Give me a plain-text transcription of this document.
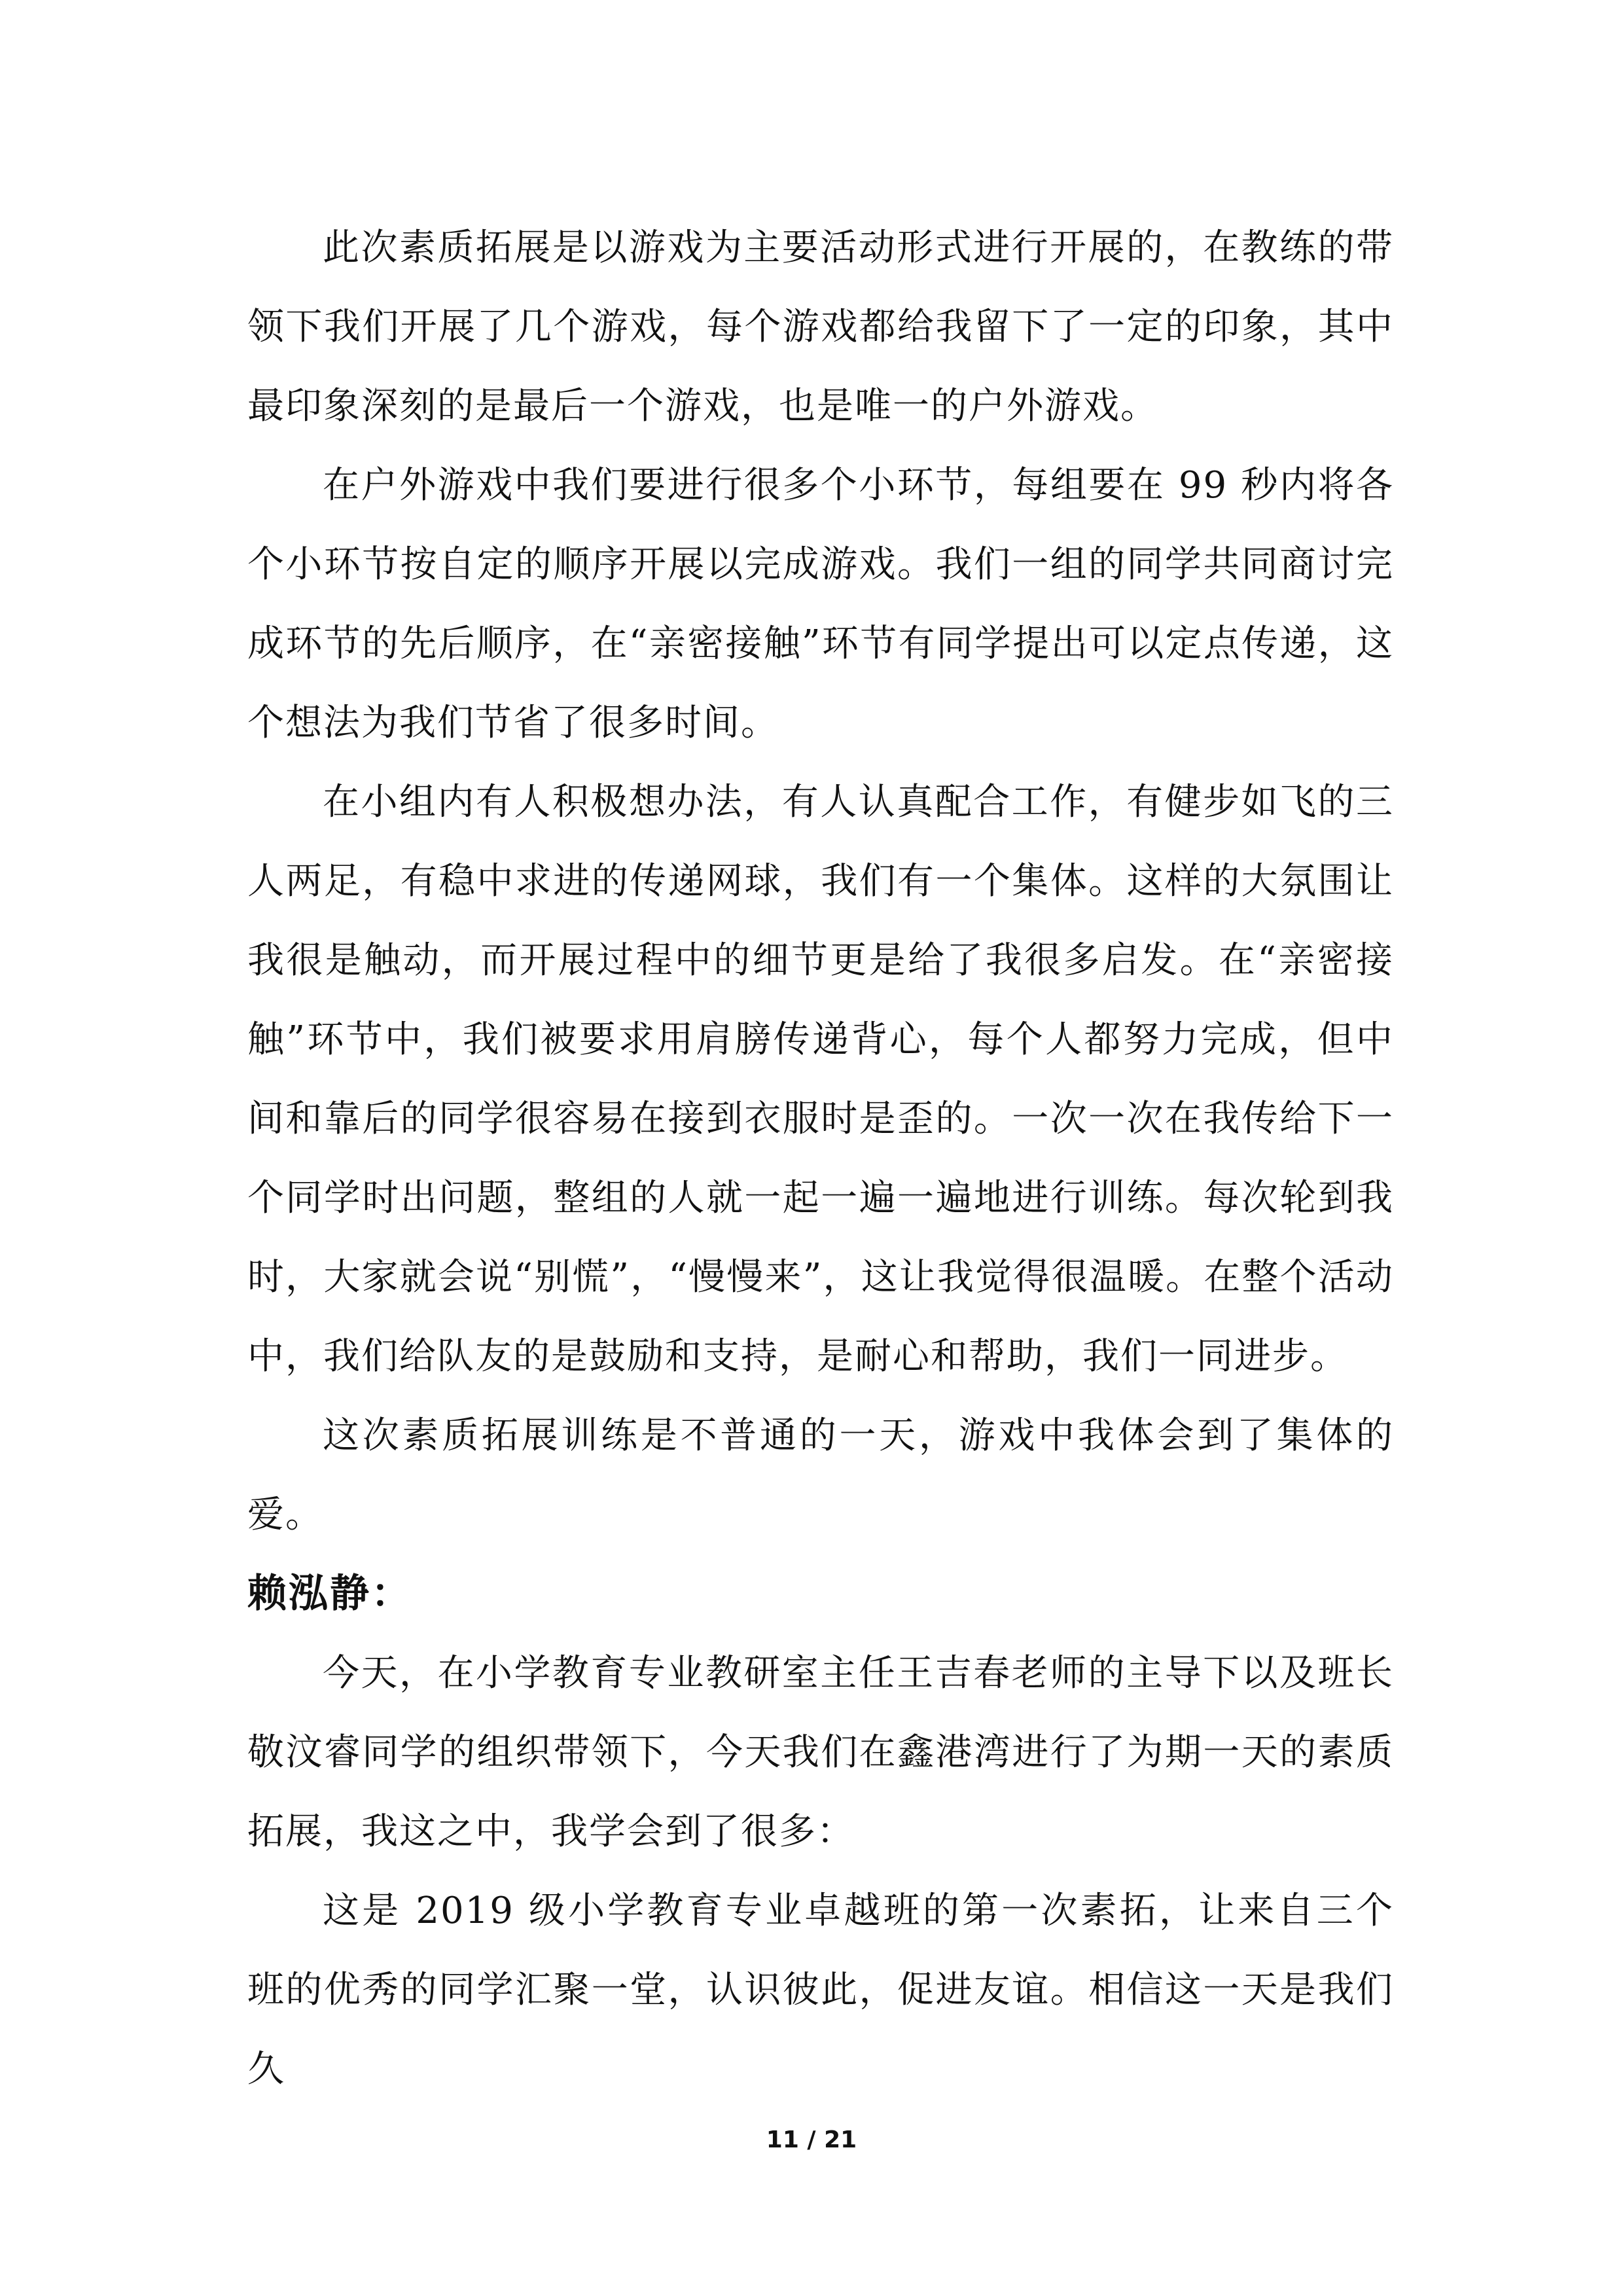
此次素质拓展是以游戏为主要活动形式进行开展的，在教练的带领下我们开展了几个游戏，每个游戏都给我留下了一定的印象，其中最印象深刻的是最后一个游戏，也是唯一的户外游戏。

在户外游戏中我们要进行很多个小环节，每组要在 99 秒内将各个小环节按自定的顺序开展以完成游戏。我们一组的同学共同商讨完成环节的先后顺序，在“亲密接触”环节有同学提出可以定点传递，这个想法为我们节省了很多时间。

在小组内有人积极想办法，有人认真配合工作，有健步如飞的三人两足，有稳中求进的传递网球，我们有一个集体。这样的大氛围让我很是触动，而开展过程中的细节更是给了我很多启发。在“亲密接触”环节中，我们被要求用肩膀传递背心，每个人都努力完成，但中间和靠后的同学很容易在接到衣服时是歪的。一次一次在我传给下一个同学时出问题，整组的人就一起一遍一遍地进行训练。每次轮到我时，大家就会说“别慌”，“慢慢来”，这让我觉得很温暖。在整个活动中，我们给队友的是鼓励和支持，是耐心和帮助，我们一同进步。

这次素质拓展训练是不普通的一天，游戏中我体会到了集体的爱。

赖泓静：

今天，在小学教育专业教研室主任王吉春老师的主导下以及班长敬汶睿同学的组织带领下，今天我们在鑫港湾进行了为期一天的素质拓展，我这之中，我学会到了很多：

这是 2019 级小学教育专业卓越班的第一次素拓，让来自三个班的优秀的同学汇聚一堂，认识彼此，促进友谊。相信这一天是我们久

11 / 21
